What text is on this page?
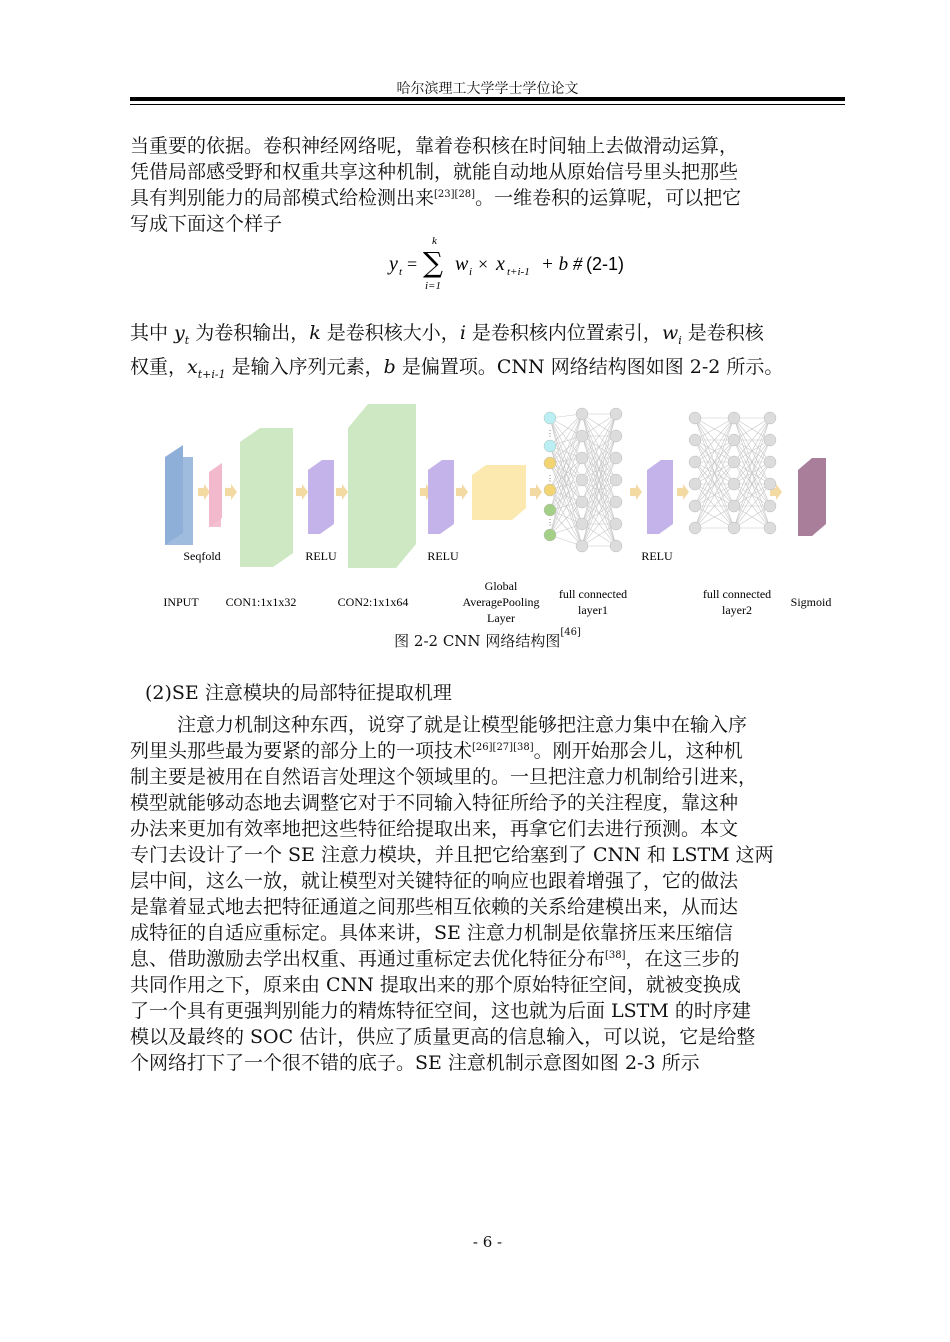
哈尔滨理工大学学士学位论文
当重要的依据。卷积神经网络呢，靠着卷积核在时间轴上去做滑动运算，
凭借局部感受野和权重共享这种机制，就能自动地从原始信号里头把那些
具有判别能力的局部模式给检测出来[23][28]。一维卷积的运算呢，可以把它
写成下面这个样子
y t =
k
∑
i=1
w i × x t+i-1 + b # (2-1)
其中 $y_t$ 为卷积输出，k 是卷积核大小，i 是卷积核内位置索引，$w_i$ 是卷积核
权重，$x_{t+i-1}$ 是输入序列元素，b 是偏置项。CNN 网络结构图如图 2-2 所示。
⋮
⋮
⋮
INPUT
Seqfold
CON1:1x1x32
RELU
CON2:1x1x64
RELU
Global
AveragePooling
Layer
full connected
layer1
RELU
full connected
layer2
Sigmoid
图 2-2 CNN 网络结构图[46]
(2)SE 注意模块的局部特征提取机理
注意力机制这种东西，说穿了就是让模型能够把注意力集中在输入序
列里头那些最为要紧的部分上的一项技术[26][27][38]。刚开始那会儿，这种机
制主要是被用在自然语言处理这个领域里的。一旦把注意力机制给引进来，
模型就能够动态地去调整它对于不同输入特征所给予的关注程度，靠这种
办法来更加有效率地把这些特征给提取出来，再拿它们去进行预测。本文
专门去设计了一个 SE 注意力模块，并且把它给塞到了 CNN 和 LSTM 这两
层中间，这么一放，就让模型对关键特征的响应也跟着增强了，它的做法
是靠着显式地去把特征通道之间那些相互依赖的关系给建模出来，从而达
成特征的自适应重标定。具体来讲，SE 注意力机制是依靠挤压来压缩信
息、借助激励去学出权重、再通过重标定去优化特征分布[38]，在这三步的
共同作用之下，原来由 CNN 提取出来的那个原始特征空间，就被变换成
了一个具有更强判别能力的精炼特征空间，这也就为后面 LSTM 的时序建
模以及最终的 SOC 估计，供应了质量更高的信息输入，可以说，它是给整
个网络打下了一个很不错的底子。SE 注意机制示意图如图 2-3 所示
- 6 -
